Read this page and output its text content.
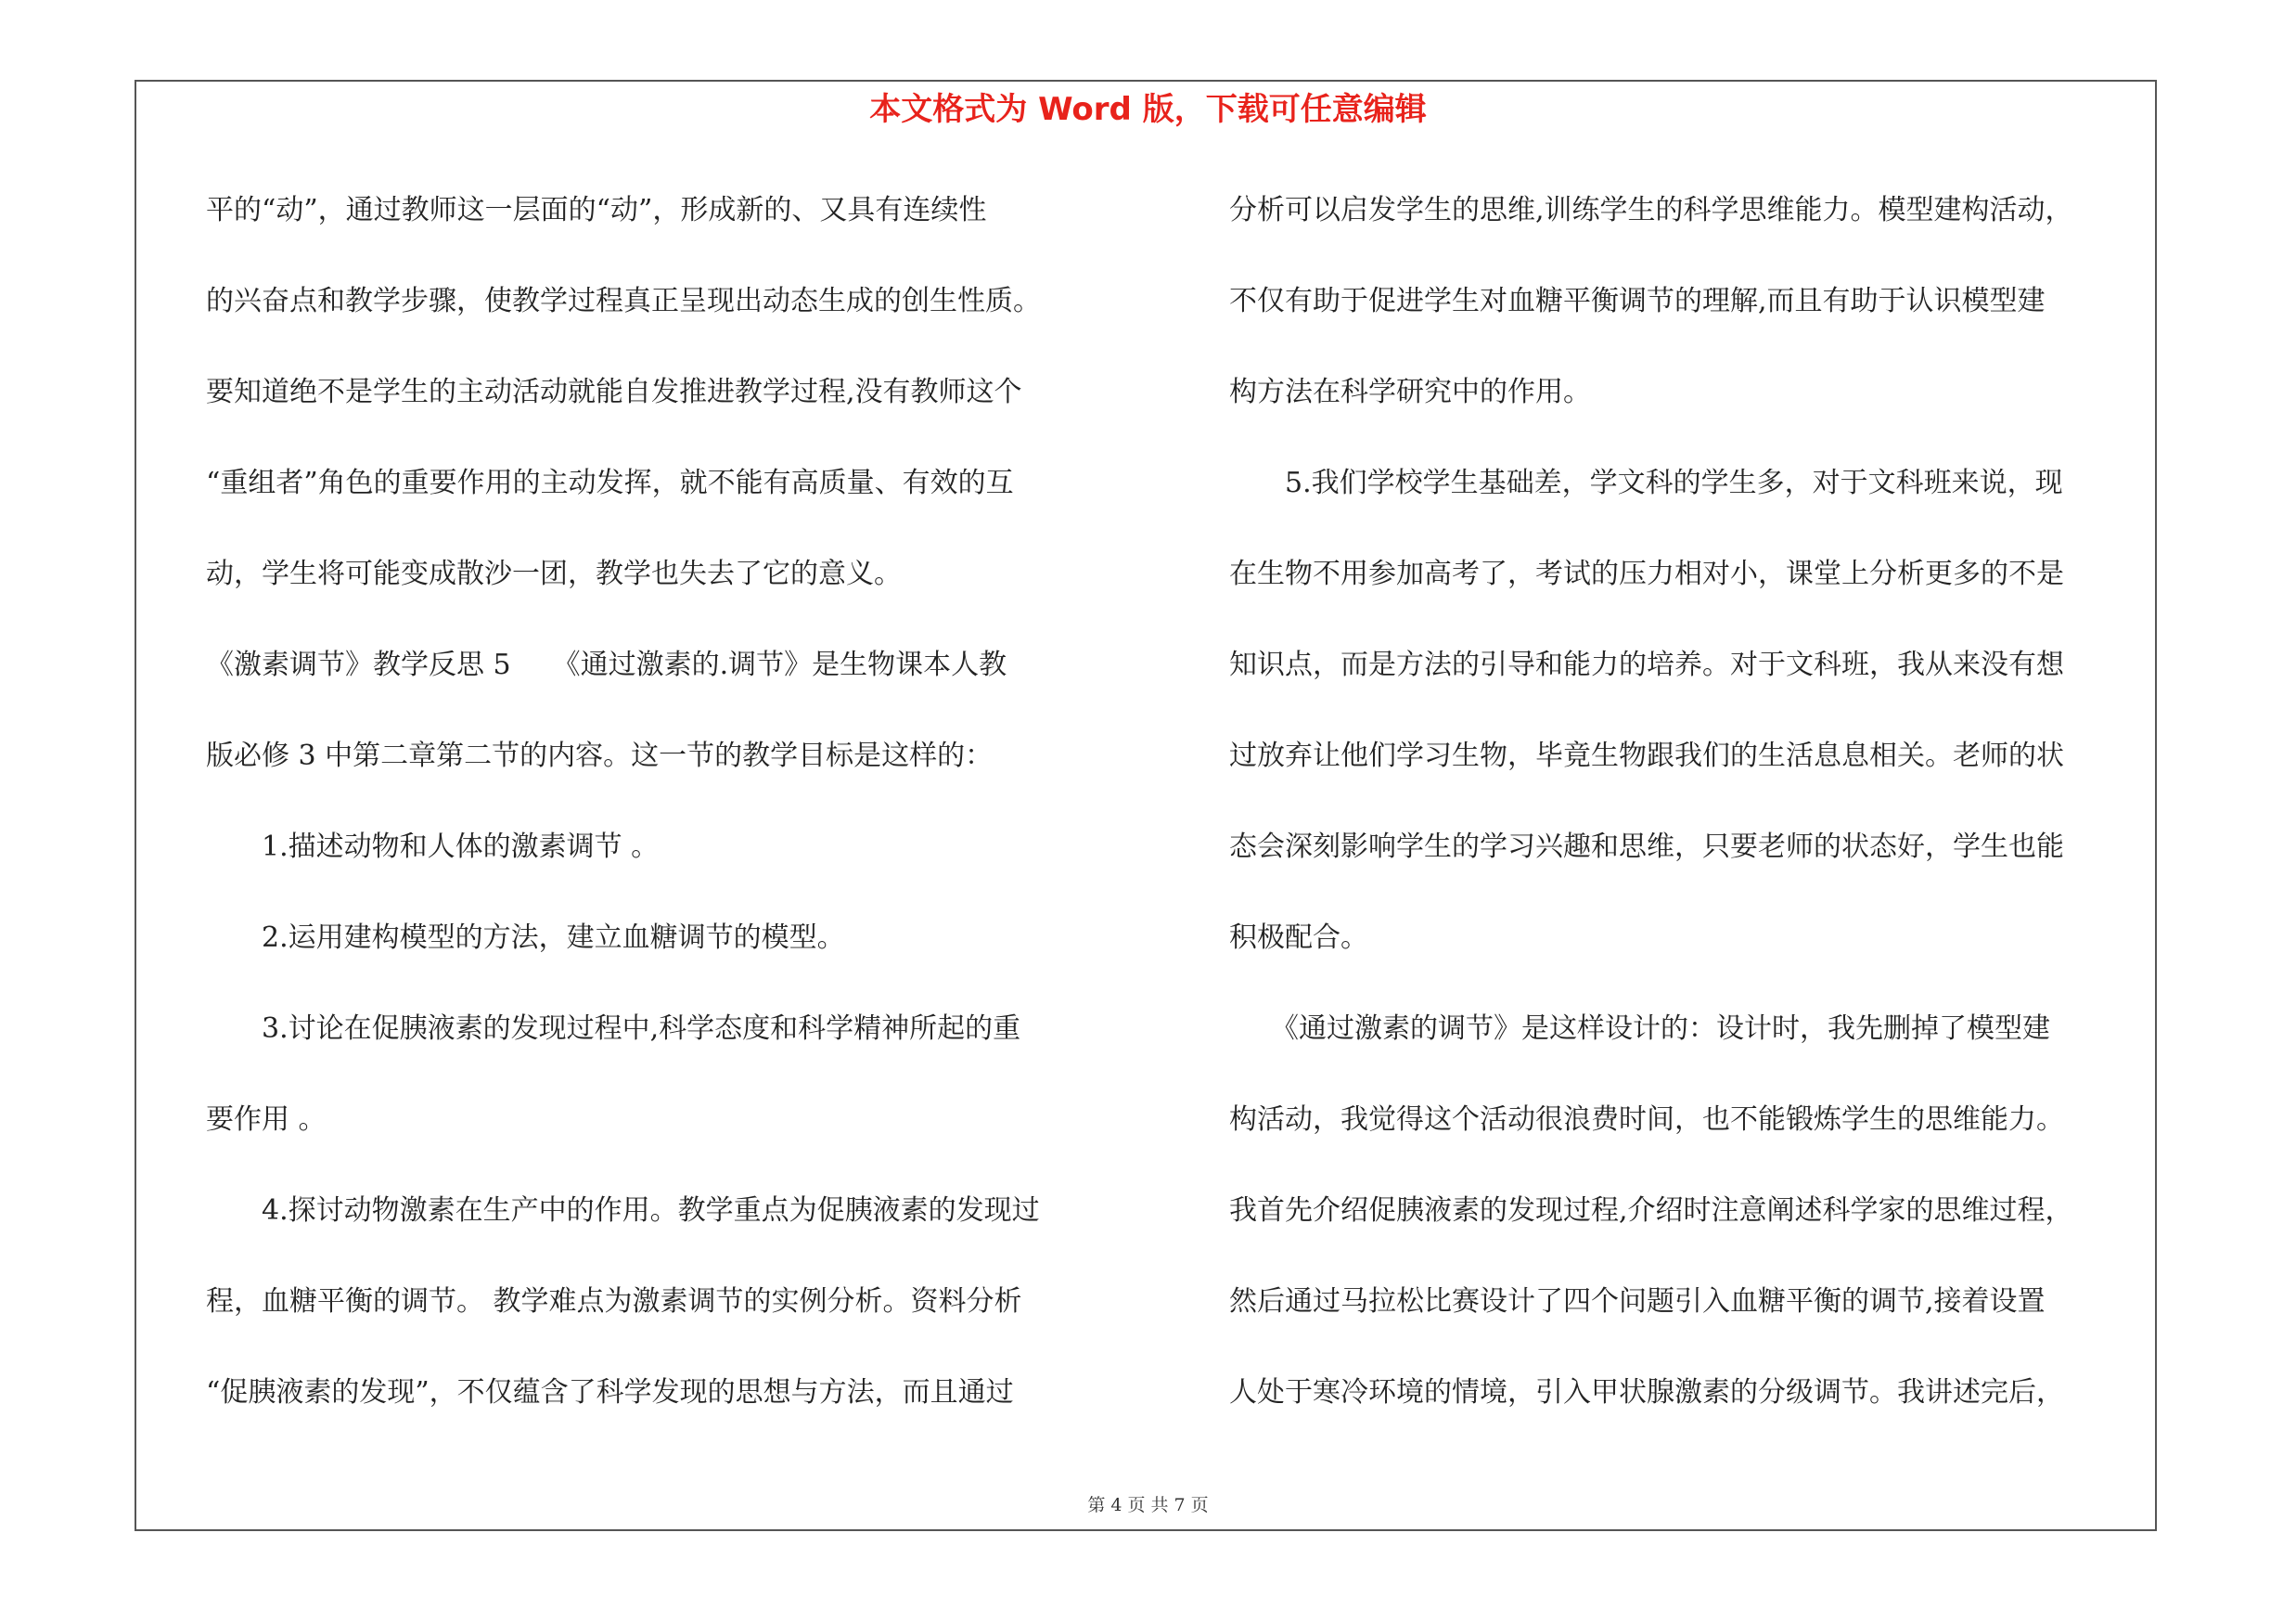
本文格式为 Word 版，下载可任意编辑
平的“动”，通过教师这一层面的“动”，形成新的、又具有连续性
的兴奋点和教学步骤，使教学过程真正呈现出动态生成的创生性质。
要知道绝不是学生的主动活动就能自发推进教学过程,没有教师这个
“重组者”角色的重要作用的主动发挥，就不能有高质量、有效的互
动，学生将可能变成散沙一团，教学也失去了它的意义。
《激素调节》教学反思 5　　《通过激素的.调节》是生物课本人教
版必修 3 中第二章第二节的内容。这一节的教学目标是这样的：
　　1.描述动物和人体的激素调节 。
　　2.运用建构模型的方法，建立血糖调节的模型。
　　3.讨论在促胰液素的发现过程中,科学态度和科学精神所起的重
要作用 。
　　4.探讨动物激素在生产中的作用。教学重点为促胰液素的发现过
程，血糖平衡的调节。 教学难点为激素调节的实例分析。资料分析
“促胰液素的发现”，不仅蕴含了科学发现的思想与方法，而且通过
分析可以启发学生的思维,训练学生的科学思维能力。模型建构活动，
不仅有助于促进学生对血糖平衡调节的理解,而且有助于认识模型建
构方法在科学研究中的作用。
　　5.我们学校学生基础差，学文科的学生多，对于文科班来说，现
在生物不用参加高考了，考试的压力相对小，课堂上分析更多的不是
知识点，而是方法的引导和能力的培养。对于文科班，我从来没有想
过放弃让他们学习生物，毕竟生物跟我们的生活息息相关。老师的状
态会深刻影响学生的学习兴趣和思维，只要老师的状态好，学生也能
积极配合。
　　《通过激素的调节》是这样设计的：设计时，我先删掉了模型建
构活动，我觉得这个活动很浪费时间，也不能锻炼学生的思维能力。
我首先介绍促胰液素的发现过程,介绍时注意阐述科学家的思维过程，
然后通过马拉松比赛设计了四个问题引入血糖平衡的调节,接着设置
人处于寒冷环境的情境，引入甲状腺激素的分级调节。我讲述完后，
第 4 页 共 7 页
